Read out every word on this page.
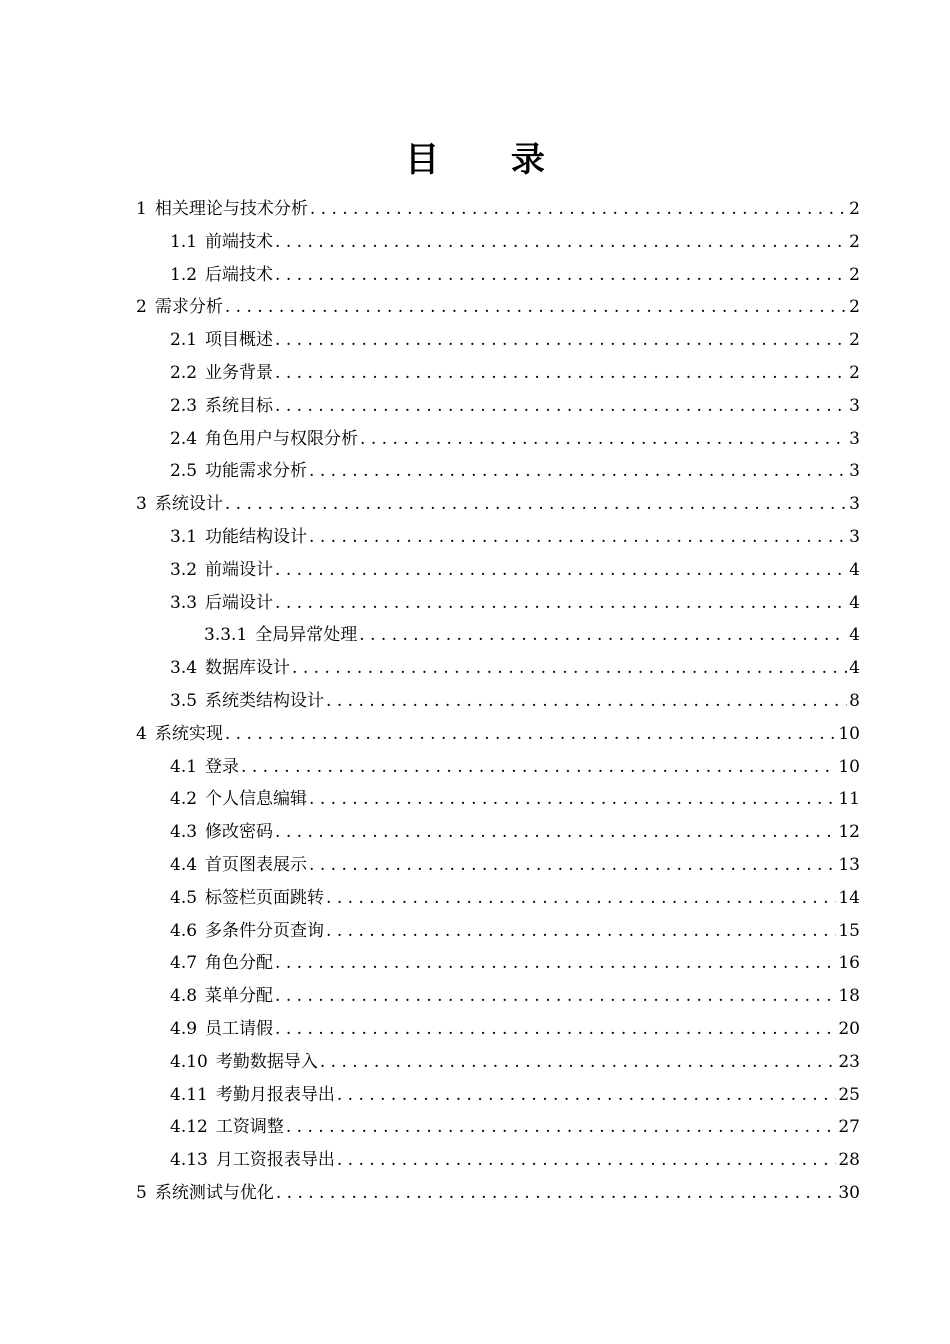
目 录
1 相关理论与技术分析 . . .	2
1.1 前端技术 . . .	2
1.2 后端技术 . . .	2
2 需求分析 . . .	2
2.1 项目概述 . . .	2
2.2 业务背景 . . .	2
2.3 系统目标 . . .	3
2.4 角色用户与权限分析 . . .	3
2.5 功能需求分析 . . .	3
3 系统设计 . . .	3
3.1 功能结构设计 . . .	3
3.2 前端设计 . . .	4
3.3 后端设计 . . .	4
3.3.1 全局异常处理 . . .	4
3.4 数据库设计 . . .	4
3.5 系统类结构设计 . . .	8
4 系统实现 . . .	10
4.1 登录 . . .	10
4.2 个人信息编辑 . . .	11
4.3 修改密码 . . .	12
4.4 首页图表展示 . . .	13
4.5 标签栏页面跳转 . . .	14
4.6 多条件分页查询 . . .	15
4.7 角色分配 . . .	16
4.8 菜单分配 . . .	18
4.9 员工请假 . . .	20
4.10 考勤数据导入 . . .	23
4.11 考勤月报表导出 . . .	25
4.12 工资调整 . . .	27
4.13 月工资报表导出 . . .	28
5 系统测试与优化 . . .	30
